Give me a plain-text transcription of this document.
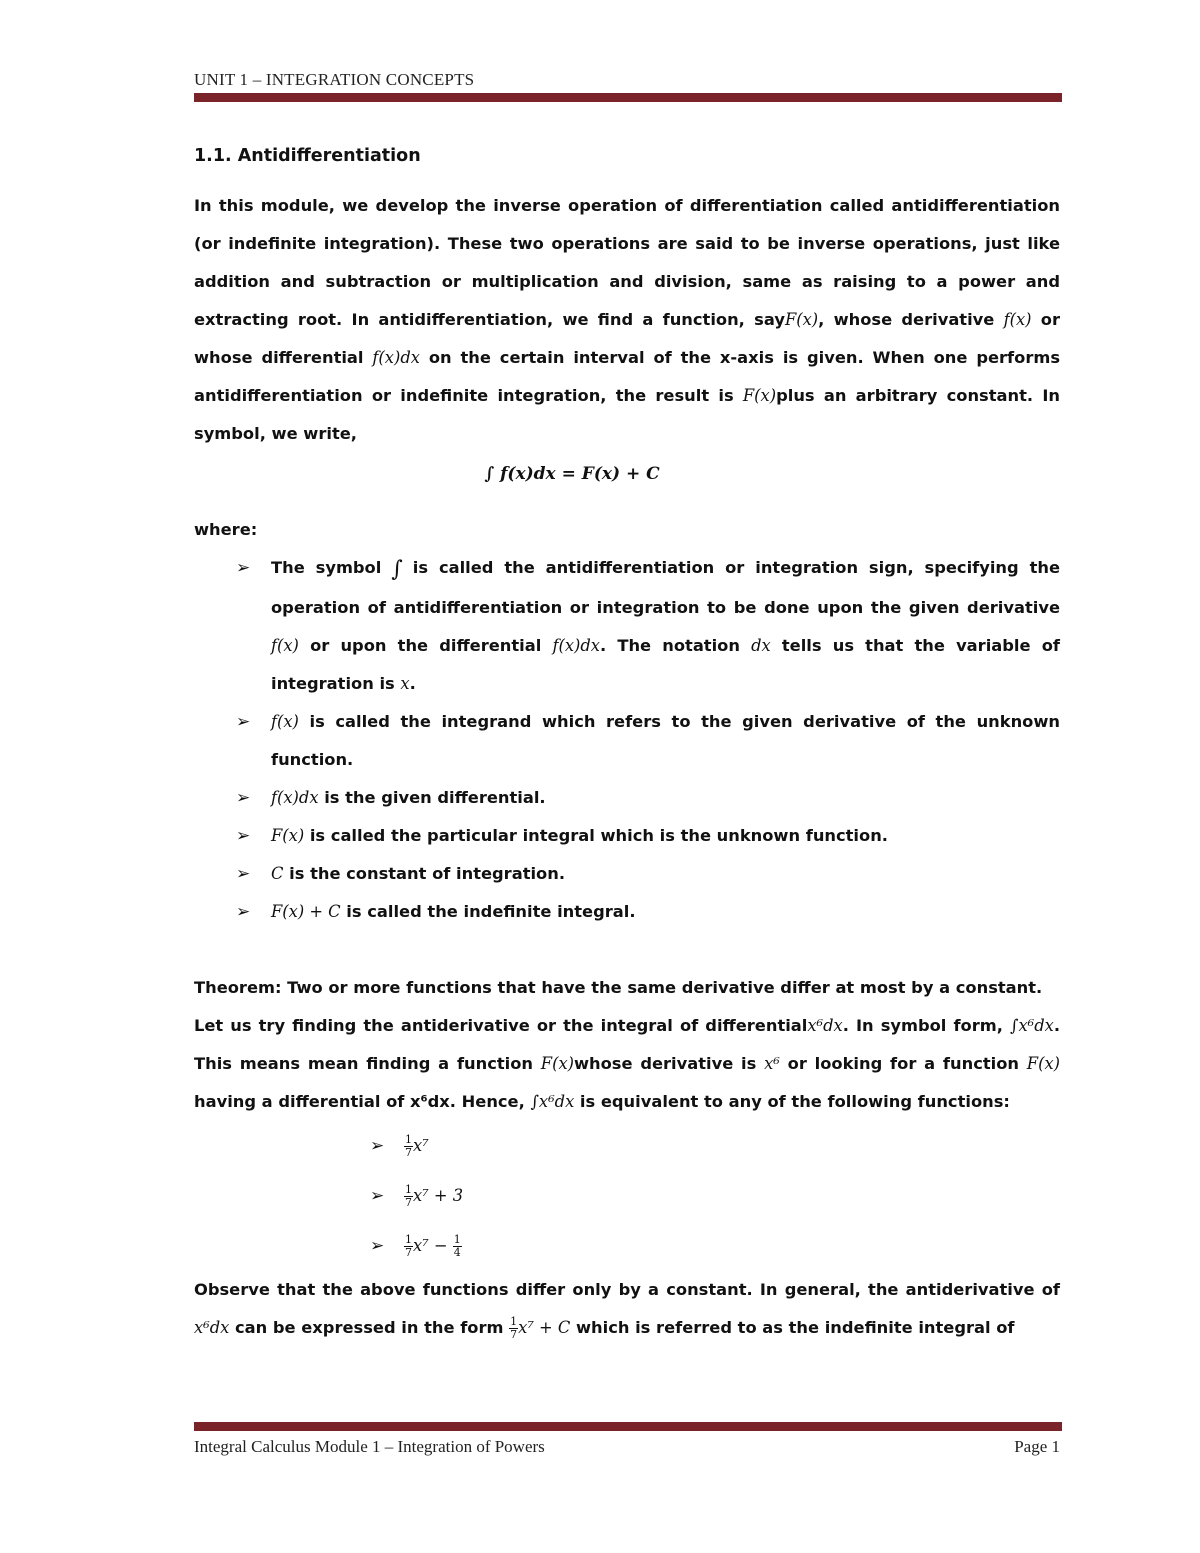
UNIT 1 – INTEGRATION CONCEPTS
1.1. Antidifferentiation

In this module, we develop the inverse operation of differentiation called antidifferentiation (or indefinite integration). These two operations are said to be inverse operations, just like addition and subtraction or multiplication and division, same as raising to a power and extracting root. In antidifferentiation, we find a function, sayF(x), whose derivative f(x) or whose differential f(x)dx on the certain interval of the x-axis is given. When one performs antidifferentiation or indefinite integration, the result is F(x)plus an arbitrary constant. In symbol, we write,

∫ f(x)dx = F(x) + C

where:

➢ The symbol ∫ is called the antidifferentiation or integration sign, specifying the operation of antidifferentiation or integration to be done upon the given derivative f(x) or upon the differential f(x)dx. The notation dx tells us that the variable of integration is x.
➢ f(x) is called the integrand which refers to the given derivative of the unknown function.
➢ f(x)dx is the given differential.
➢ F(x) is called the particular integral which is the unknown function.
➢ C is the constant of integration.
➢ F(x) + C is called the indefinite integral.

Theorem: Two or more functions that have the same derivative differ at most by a constant.

Let us try finding the antiderivative or the integral of differentialx⁶dx. In symbol form, ∫x⁶dx. This means mean finding a function F(x)whose derivative is x⁶ or looking for a function F(x) having a differential of x⁶dx. Hence, ∫x⁶dx is equivalent to any of the following functions:

➢ $\frac{1}{7} x^7$
➢ $\frac{1}{7} x^7 + 3$
➢ $\frac{1}{7} x^7 - \frac{1}{4}$

Observe that the above functions differ only by a constant. In general, the antiderivative of x⁶dx can be expressed in the form $\frac{1}{7} x^7 + C$ which is referred to as the indefinite integral of

Integral Calculus Module 1 – Integration of Powers	Page 1
